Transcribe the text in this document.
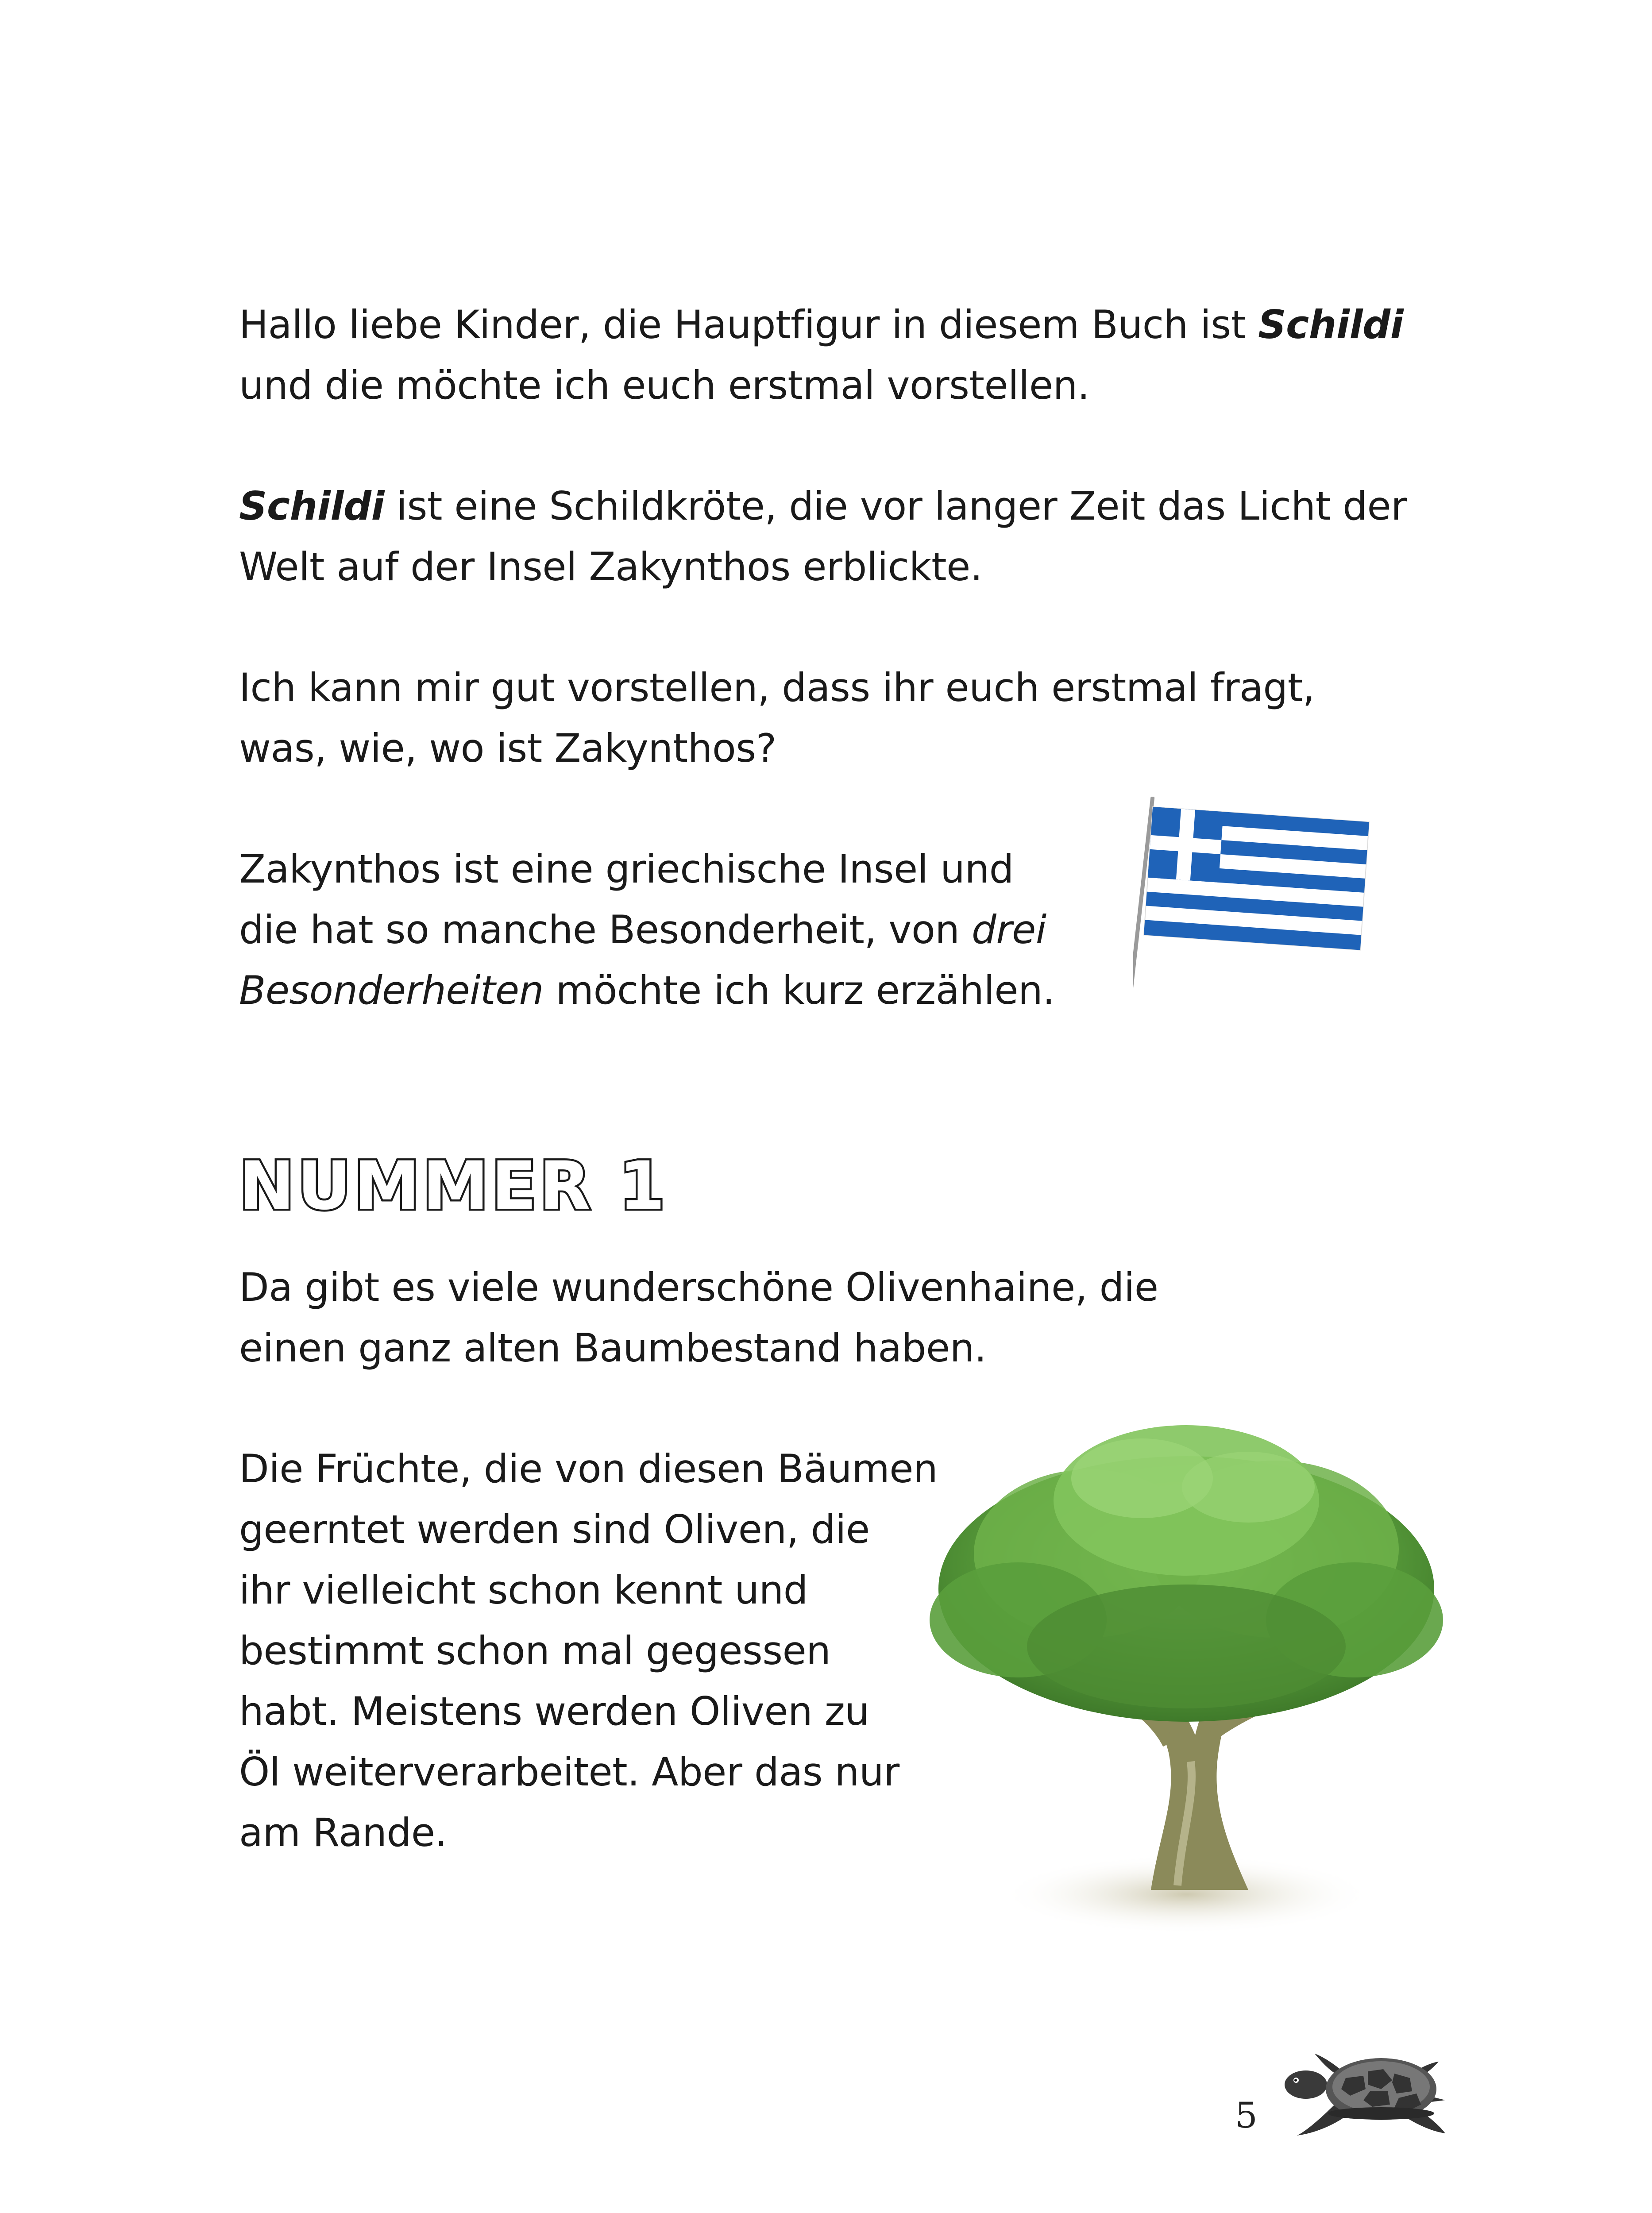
Hallo liebe Kinder, die Hauptfigur in diesem Buch ist Schildi

und die möchte ich euch erstmal vorstellen.

Schildi ist eine Schildkröte, die vor langer Zeit das Licht der

Welt auf der Insel Zakynthos erblickte.

Ich kann mir gut vorstellen, dass ihr euch erstmal fragt,

was, wie, wo ist Zakynthos?

Zakynthos ist eine griechische Insel und

die hat so manche Besonderheit, von drei

Besonderheiten möchte ich kurz erzählen.

NUMMER 1

Da gibt es viele wunderschöne Olivenhaine, die

einen ganz alten Baumbestand haben.

Die Früchte, die von diesen Bäumen

geerntet werden sind Oliven, die

ihr vielleicht schon kennt und

bestimmt schon mal gegessen

habt. Meistens werden Oliven zu

Öl weiterverarbeitet. Aber das nur

am Rande.

5
